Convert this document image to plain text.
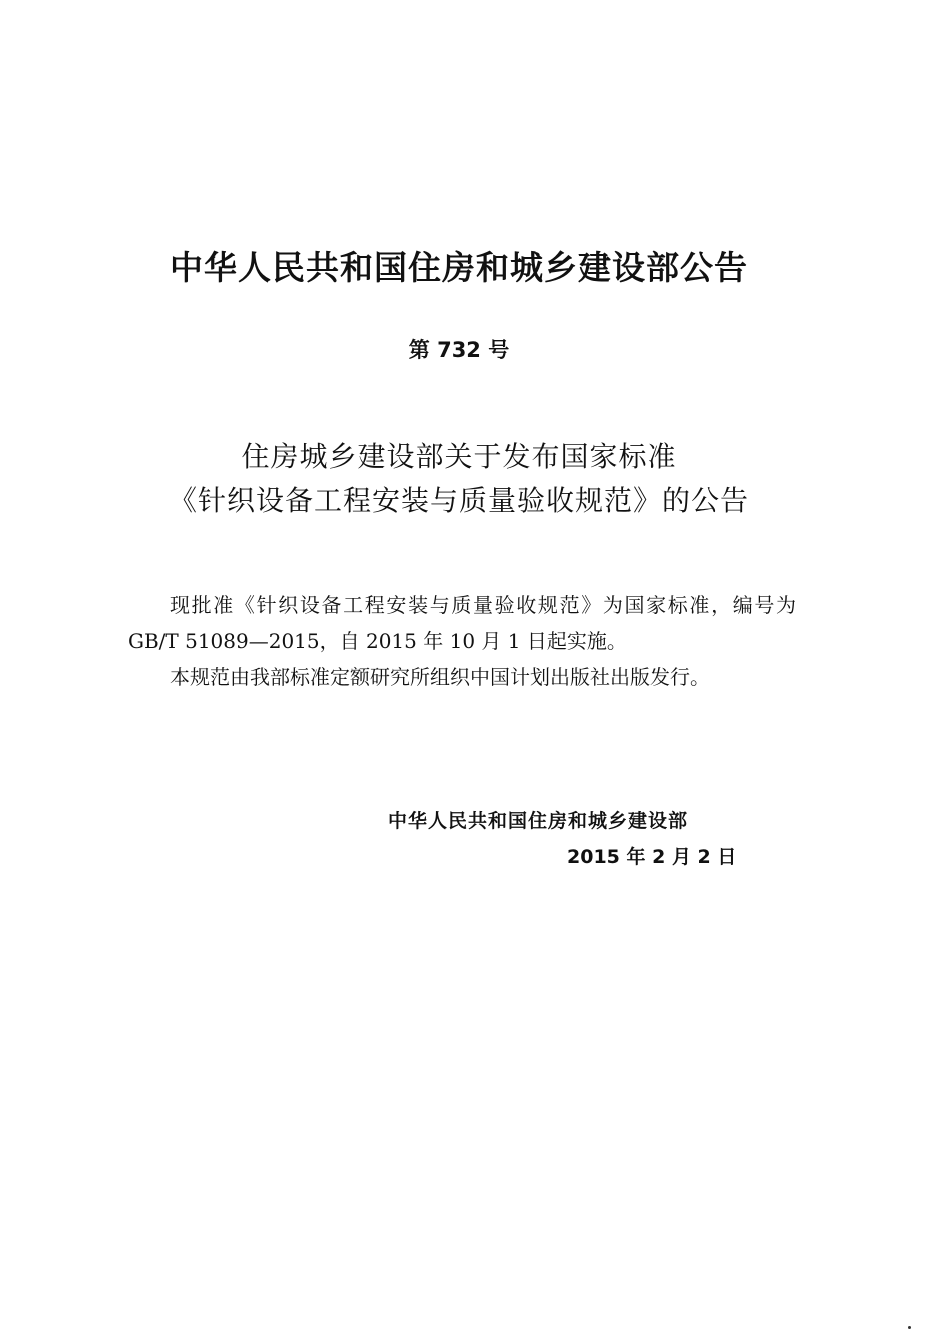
中华人民共和国住房和城乡建设部公告
第 732 号
住房城乡建设部关于发布国家标准
《针织设备工程安装与质量验收规范》的公告

现批准《针织设备工程安装与质量验收规范》为国家标准，编号为 GB/T 51089—2015，自 2015 年 10 月 1 日起实施。

本规范由我部标准定额研究所组织中国计划出版社出版发行。

中华人民共和国住房和城乡建设部
2015 年 2 月 2 日
